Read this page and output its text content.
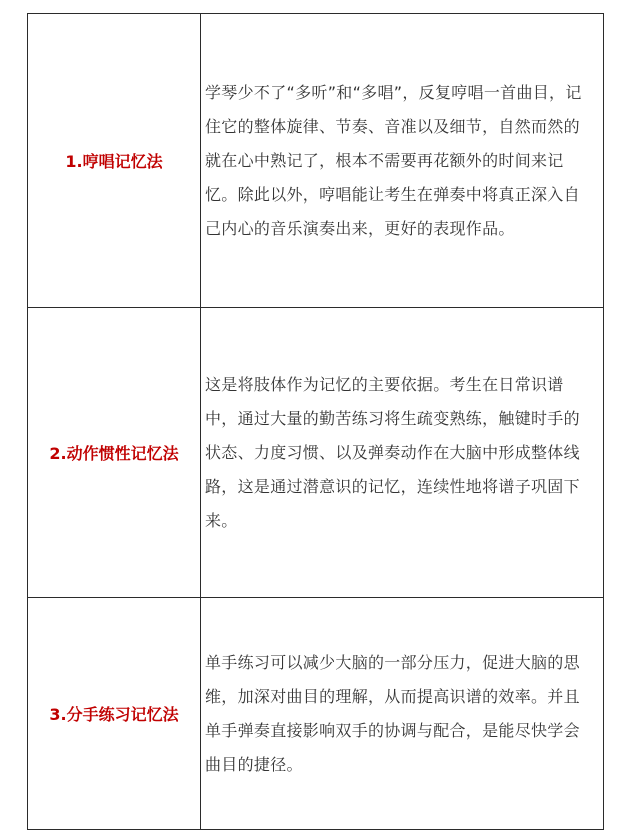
1.哼唱记忆法

学琴少不了“多听”和“多唱”，反复哼唱一首曲目，记住它的整体旋律、节奏、音准以及细节，自然而然的就在心中熟记了，根本不需要再花额外的时间来记忆。除此以外，哼唱能让考生在弹奏中将真正深入自己内心的音乐演奏出来，更好的表现作品。

2.动作惯性记忆法

这是将肢体作为记忆的主要依据。考生在日常识谱中，通过大量的勤苦练习将生疏变熟练，触键时手的状态、力度习惯、以及弹奏动作在大脑中形成整体线路，这是通过潜意识的记忆，连续性地将谱子巩固下来。

3.分手练习记忆法

单手练习可以减少大脑的一部分压力，促进大脑的思维，加深对曲目的理解，从而提高识谱的效率。并且单手弹奏直接影响双手的协调与配合，是能尽快学会曲目的捷径。
